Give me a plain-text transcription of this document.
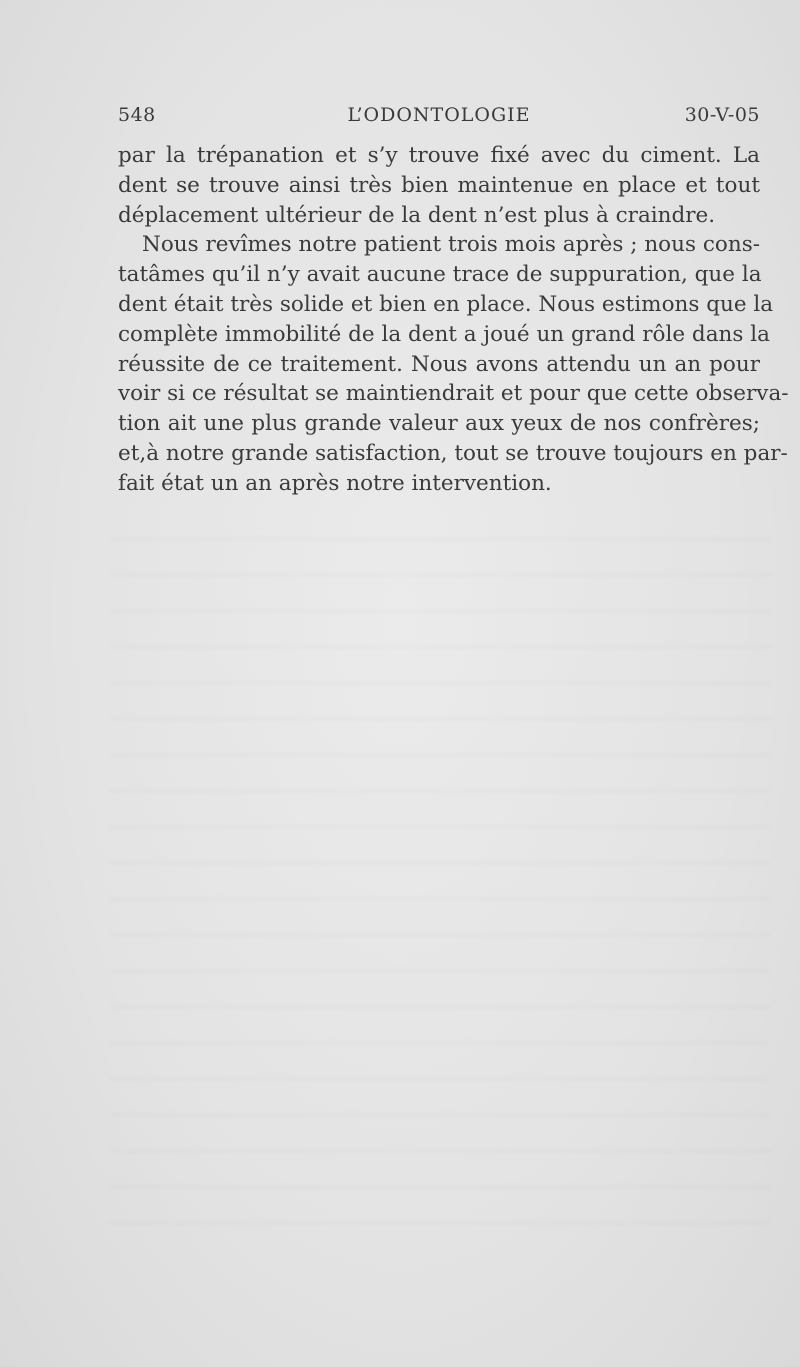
548	L’ODONTOLOGIE	30-V-05
par la trépanation et s’y trouve fixé avec du ciment. La
dent se trouve ainsi très bien maintenue en place et tout
déplacement ultérieur de la dent n’est plus à craindre.
Nous revîmes notre patient trois mois après ; nous cons-
tatâmes qu’il n’y avait aucune trace de suppuration, que la
dent était très solide et bien en place. Nous estimons que la
complète immobilité de la dent a joué un grand rôle dans la
réussite de ce traitement. Nous avons attendu un an pour
voir si ce résultat se maintiendrait et pour que cette observa-
tion ait une plus grande valeur aux yeux de nos confrères;
et,à notre grande satisfaction, tout se trouve toujours en par-
fait état un an après notre intervention.
